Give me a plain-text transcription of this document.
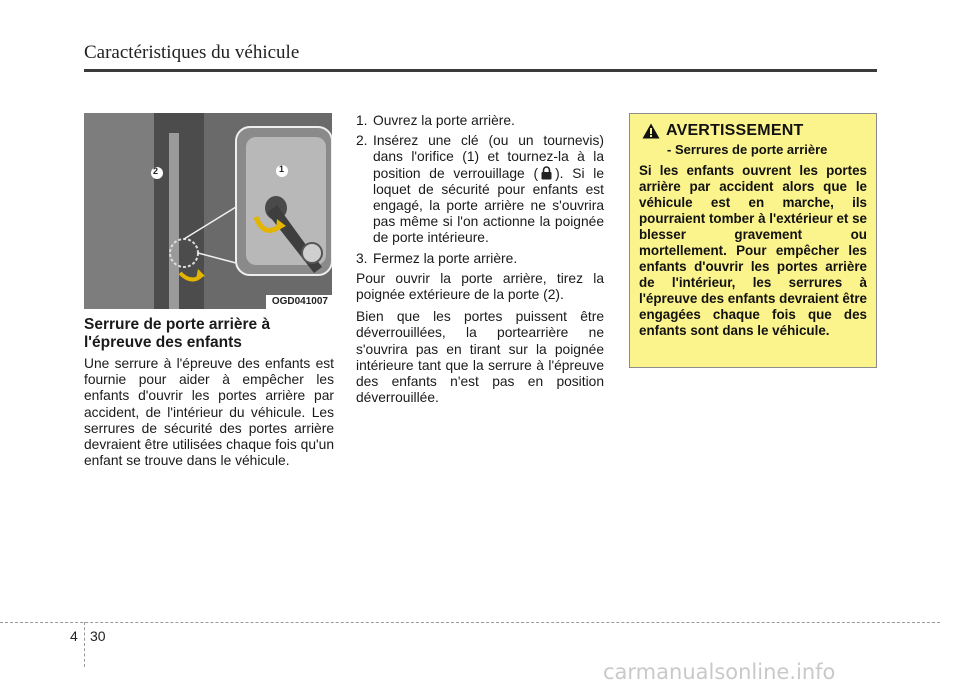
Caractéristiques du véhicule
2	1
OGD041007
Serrure de porte arrière à l'épreuve des enfants

Une serrure à l'épreuve des enfants est fournie pour aider à empêcher les enfants d'ouvrir les portes arrière par accident, de l'intérieur du véhicule. Les serrures de sécurité des portes arrière devraient être utilisées chaque fois qu'un enfant se trouve dans le véhicule.

1. Ouvrez la porte arrière.
2. Insérez une clé (ou un tournevis) dans l'orifice (1) et tournez-la à la position de verrouillage ( ). Si le loquet de sécurité pour enfants est engagé, la porte arrière ne s'ouvrira pas même si l'on actionne la poignée de porte intérieure.
3. Fermez la porte arrière.

Pour ouvrir la porte arrière, tirez la poignée extérieure de la porte (2).

Bien que les portes puissent être déverrouillées, la portearrière ne s'ouvrira pas en tirant sur la poignée intérieure tant que la serrure à l'épreuve des enfants n'est pas en position déverrouillée.

AVERTISSEMENT
- Serrures de porte arrière

Si les enfants ouvrent les portes arrière par accident alors que le véhicule est en marche, ils pourraient tomber à l'extérieur et se blesser gravement ou mortellement. Pour empêcher les enfants d'ouvrir les portes arrière de l'intérieur, les serrures à l'épreuve des enfants devraient être engagées chaque fois que des enfants sont dans le véhicule.

4 30
carmanualsonline.info
